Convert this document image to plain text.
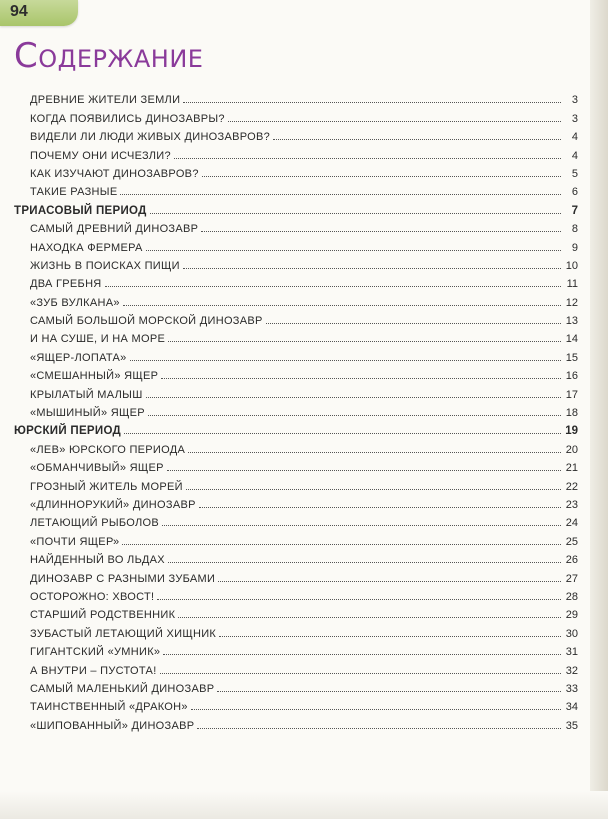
94
Содержание
ДРЕВНИЕ ЖИТЕЛИ ЗЕМЛИ	3
КОГДА ПОЯВИЛИСЬ ДИНОЗАВРЫ?	3
ВИДЕЛИ ЛИ ЛЮДИ ЖИВЫХ ДИНОЗАВРОВ?	4
ПОЧЕМУ ОНИ ИСЧЕЗЛИ?	4
КАК ИЗУЧАЮТ ДИНОЗАВРОВ?	5
ТАКИЕ РАЗНЫЕ	6
ТРИАСОВЫЙ ПЕРИОД	7
САМЫЙ ДРЕВНИЙ ДИНОЗАВР	8
НАХОДКА ФЕРМЕРА	9
ЖИЗНЬ В ПОИСКАХ ПИЩИ	10
ДВА ГРЕБНЯ	11
«ЗУБ ВУЛКАНА»	12
САМЫЙ БОЛЬШОЙ МОРСКОЙ ДИНОЗАВР	13
И НА СУШЕ, И НА МОРЕ	14
«ЯЩЕР-ЛОПАТА»	15
«СМЕШАННЫЙ» ЯЩЕР	16
КРЫЛАТЫЙ МАЛЫШ	17
«МЫШИНЫЙ» ЯЩЕР	18
ЮРСКИЙ ПЕРИОД	19
«ЛЕВ» ЮРСКОГО ПЕРИОДА	20
«ОБМАНЧИВЫЙ» ЯЩЕР	21
ГРОЗНЫЙ ЖИТЕЛЬ МОРЕЙ	22
«ДЛИННОРУКИЙ» ДИНОЗАВР	23
ЛЕТАЮЩИЙ РЫБОЛОВ	24
«ПОЧТИ ЯЩЕР»	25
НАЙДЕННЫЙ ВО ЛЬДАХ	26
ДИНОЗАВР С РАЗНЫМИ ЗУБАМИ	27
ОСТОРОЖНО: ХВОСТ!	28
СТАРШИЙ РОДСТВЕННИК	29
ЗУБАСТЫЙ ЛЕТАЮЩИЙ ХИЩНИК	30
ГИГАНТСКИЙ «УМНИК»	31
А ВНУТРИ – ПУСТОТА!	32
САМЫЙ МАЛЕНЬКИЙ ДИНОЗАВР	33
ТАИНСТВЕННЫЙ «ДРАКОН»	34
«ШИПОВАННЫЙ» ДИНОЗАВР	35
